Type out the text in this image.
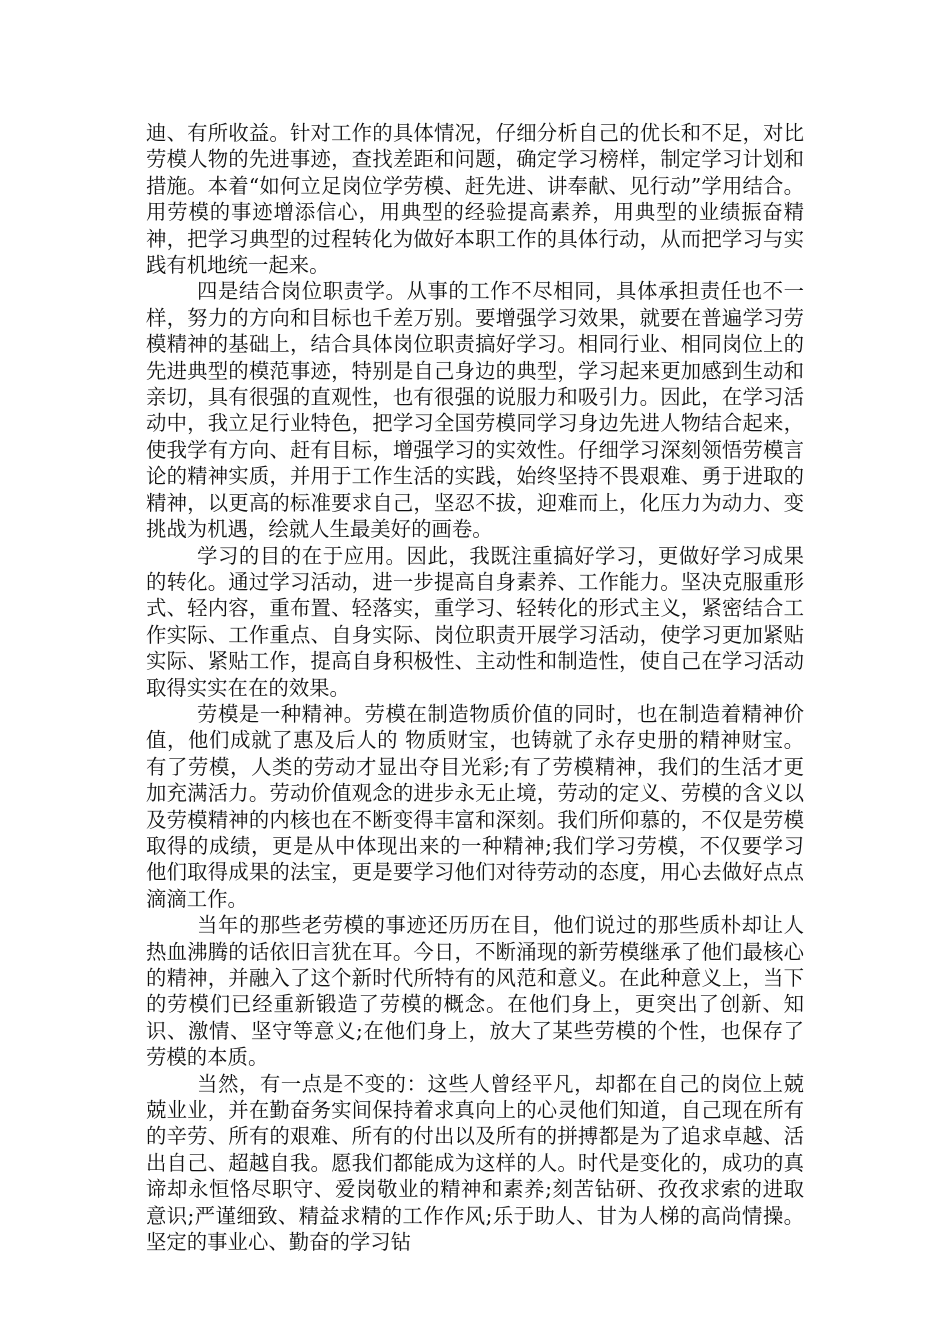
迪、有所收益。针对工作的具体情况，仔细分析自己的优长和不足，对比劳模人物的先进事迹，查找差距和问题，确定学习榜样，制定学习计划和措施。本着“如何立足岗位学劳模、赶先进、讲奉献、见行动”学用结合。用劳模的事迹增添信心，用典型的经验提高素养，用典型的业绩振奋精神，把学习典型的过程转化为做好本职工作的具体行动，从而把学习与实践有机地统一起来。

四是结合岗位职责学。从事的工作不尽相同，具体承担责任也不一样，努力的方向和目标也千差万别。要增强学习效果，就要在普遍学习劳模精神的基础上，结合具体岗位职责搞好学习。相同行业、相同岗位上的先进典型的模范事迹，特别是自己身边的典型，学习起来更加感到生动和亲切，具有很强的直观性，也有很强的说服力和吸引力。因此，在学习活动中，我立足行业特色，把学习全国劳模同学习身边先进人物结合起来，使我学有方向、赶有目标，增强学习的实效性。仔细学习深刻领悟劳模言论的精神实质，并用于工作生活的实践，始终坚持不畏艰难、勇于进取的精神，以更高的标准要求自己，坚忍不拔，迎难而上，化压力为动力、变挑战为机遇，绘就人生最美好的画卷。

学习的目的在于应用。因此，我既注重搞好学习，更做好学习成果的转化。通过学习活动，进一步提高自身素养、工作能力。坚决克服重形式、轻内容，重布置、轻落实，重学习、轻转化的形式主义，紧密结合工作实际、工作重点、自身实际、岗位职责开展学习活动，使学习更加紧贴实际、紧贴工作，提高自身积极性、主动性和制造性，使自己在学习活动取得实实在在的效果。

劳模是一种精神。劳模在制造物质价值的同时，也在制造着精神价值，他们成就了惠及后人的 物质财宝，也铸就了永存史册的精神财宝。有了劳模，人类的劳动才显出夺目光彩;有了劳模精神，我们的生活才更加充满活力。劳动价值观念的进步永无止境，劳动的定义、劳模的含义以及劳模精神的内核也在不断变得丰富和深刻。我们所仰慕的，不仅是劳模取得的成绩，更是从中体现出来的一种精神;我们学习劳模，不仅要学习他们取得成果的法宝，更是要学习他们对待劳动的态度，用心去做好点点滴滴工作。

当年的那些老劳模的事迹还历历在目，他们说过的那些质朴却让人热血沸腾的话依旧言犹在耳。今日，不断涌现的新劳模继承了他们最核心的精神，并融入了这个新时代所特有的风范和意义。在此种意义上，当下的劳模们已经重新锻造了劳模的概念。在他们身上，更突出了创新、知识、激情、坚守等意义;在他们身上，放大了某些劳模的个性，也保存了劳模的本质。

当然，有一点是不变的：这些人曾经平凡，却都在自己的岗位上兢兢业业，并在勤奋务实间保持着求真向上的心灵他们知道，自己现在所有的辛劳、所有的艰难、所有的付出以及所有的拼搏都是为了追求卓越、活出自己、超越自我。愿我们都能成为这样的人。时代是变化的，成功的真谛却永恒恪尽职守、爱岗敬业的精神和素养;刻苦钻研、孜孜求索的进取意识;严谨细致、精益求精的工作作风;乐于助人、甘为人梯的高尚情操。坚定的事业心、勤奋的学习钻
